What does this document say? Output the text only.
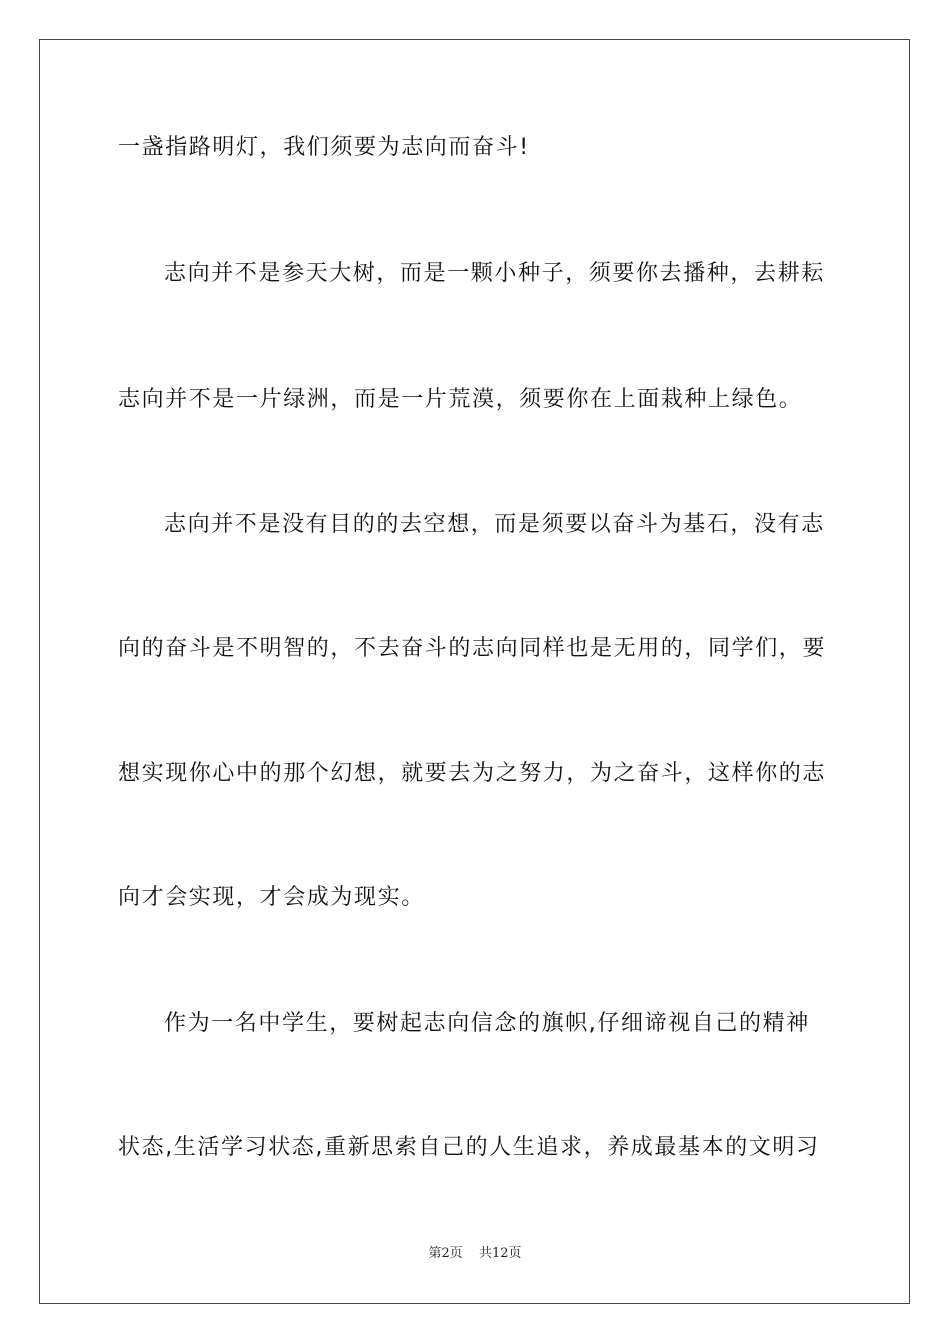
一盏指路明灯，我们须要为志向而奋斗!
志向并不是参天大树，而是一颗小种子，须要你去播种，去耕耘
志向并不是一片绿洲，而是一片荒漠，须要你在上面栽种上绿色。
志向并不是没有目的的去空想，而是须要以奋斗为基石，没有志
向的奋斗是不明智的，不去奋斗的志向同样也是无用的，同学们，要
想实现你心中的那个幻想，就要去为之努力，为之奋斗，这样你的志
向才会实现，才会成为现实。
作为一名中学生，要树起志向信念的旗帜,仔细谛视自己的精神
状态,生活学习状态,重新思索自己的人生追求，养成最基本的文明习
第2页 共12页
